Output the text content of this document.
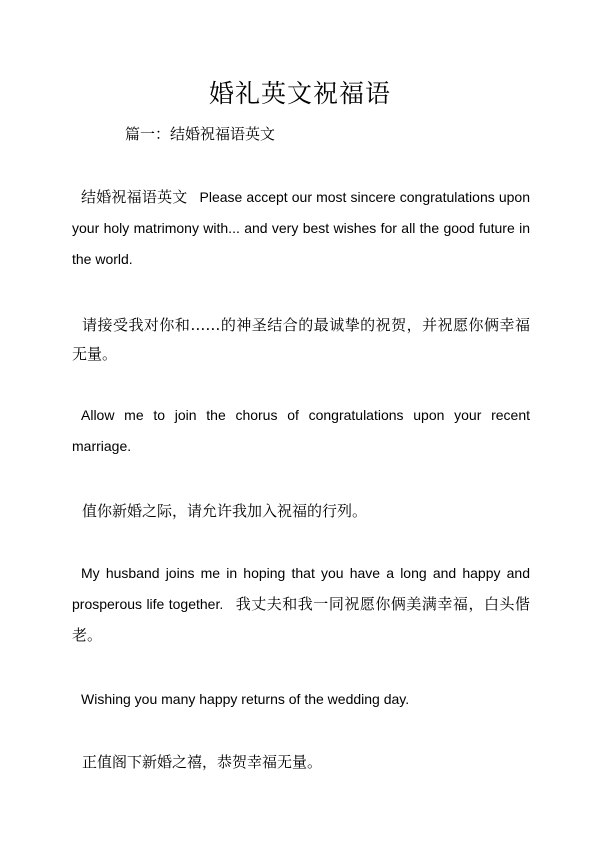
婚礼英文祝福语
篇一：结婚祝福语英文

结婚祝福语英文 Please accept our most sincere congratulations upon your holy matrimony with... and very best wishes for all the good future in the world.

请接受我对你和……的神圣结合的最诚挚的祝贺，并祝愿你俩幸福无量。

Allow me to join the chorus of congratulations upon your recent marriage.

值你新婚之际，请允许我加入祝福的行列。

My husband joins me in hoping that you have a long and happy and prosperous life together. 我丈夫和我一同祝愿你俩美满幸福，白头偕老。

Wishing you many happy returns of the wedding day.

正值阁下新婚之禧，恭贺幸福无量。
